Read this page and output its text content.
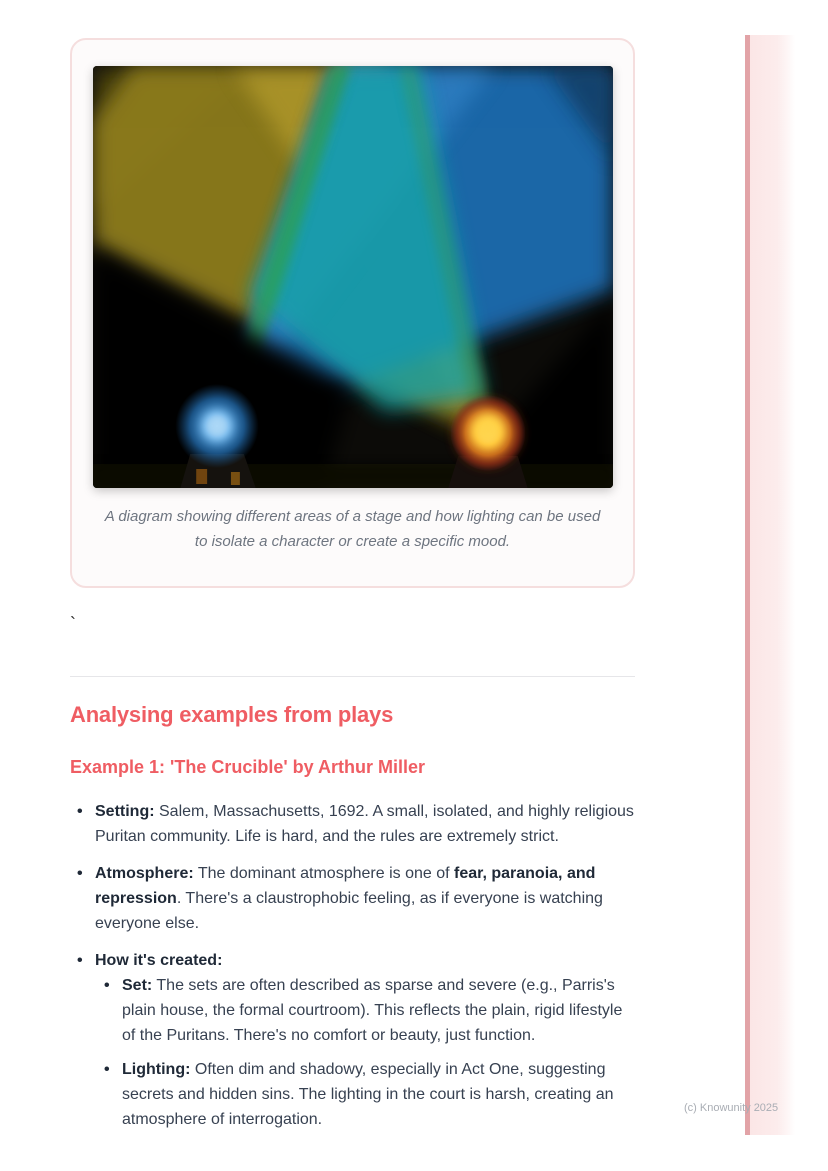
A diagram showing different areas of a stage and how lighting can be used to isolate a character or create a specific mood.
`
Analysing examples from plays
Example 1: 'The Crucible' by Arthur Miller
• Setting: Salem, Massachusetts, 1692. A small, isolated, and highly religious Puritan community. Life is hard, and the rules are extremely strict.
• Atmosphere: The dominant atmosphere is one of fear, paranoia, and repression. There's a claustrophobic feeling, as if everyone is watching everyone else.
• How it's created:
• Set: The sets are often described as sparse and severe (e.g., Parris's plain house, the formal courtroom). This reflects the plain, rigid lifestyle of the Puritans. There's no comfort or beauty, just function.
• Lighting: Often dim and shadowy, especially in Act One, suggesting secrets and hidden sins. The lighting in the court is harsh, creating an atmosphere of interrogation.
(c) Knowunity 2025
